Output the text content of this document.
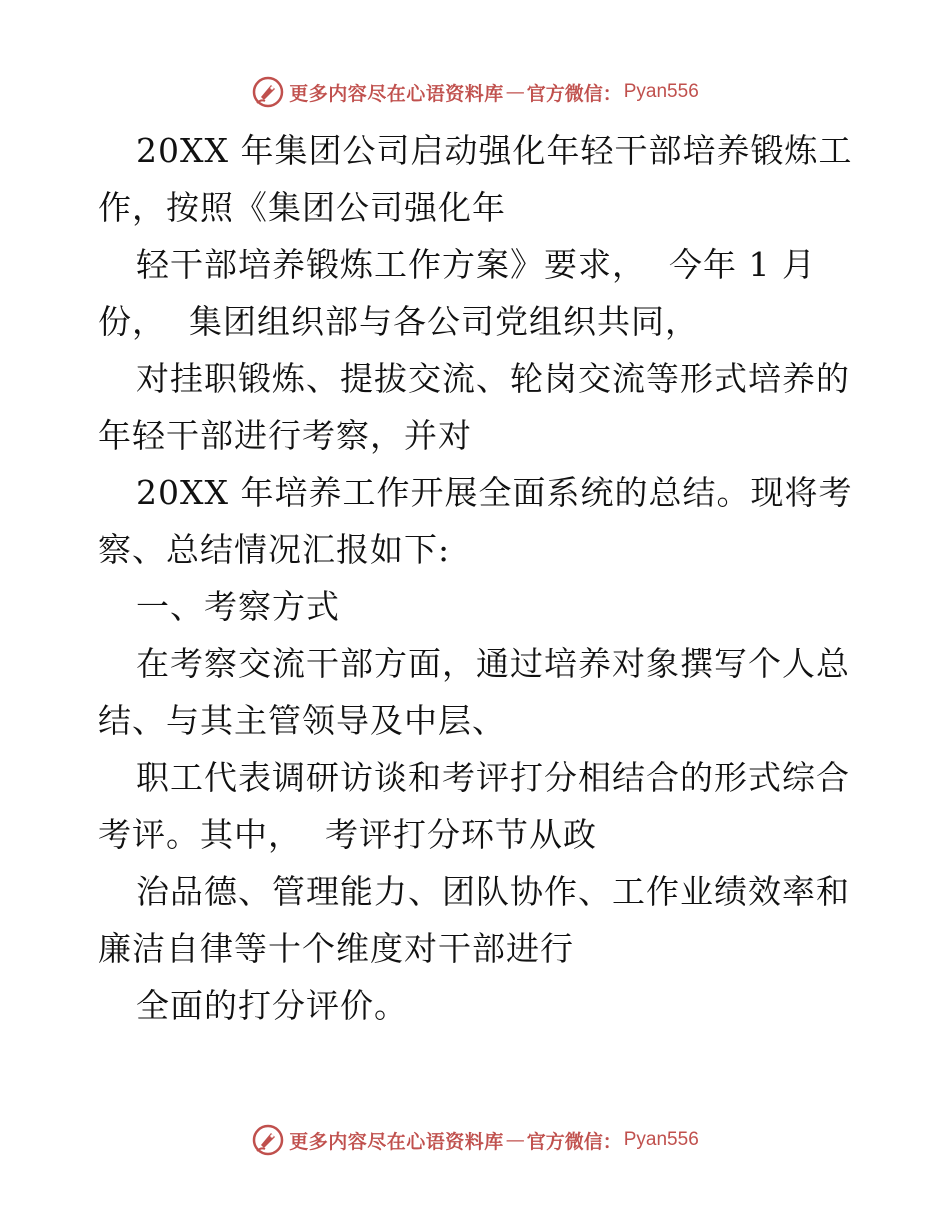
更多内容尽在心语资料库 — 官方微信： Pyan556
20XX 年集团公司启动强化年轻干部培养锻炼工
作，按照《集团公司强化年
轻干部培养锻炼工作方案》要求，  今年 1 月
份，  集团组织部与各公司党组织共同，
对挂职锻炼、提拔交流、轮岗交流等形式培养的
年轻干部进行考察，并对
20XX 年培养工作开展全面系统的总结。现将考
察、总结情况汇报如下:
一、考察方式
在考察交流干部方面，通过培养对象撰写个人总
结、与其主管领导及中层、
职工代表调研访谈和考评打分相结合的形式综合
考评。其中，  考评打分环节从政
治品德、管理能力、团队协作、工作业绩效率和
廉洁自律等十个维度对干部进行
全面的打分评价。
更多内容尽在心语资料库 — 官方微信： Pyan556
